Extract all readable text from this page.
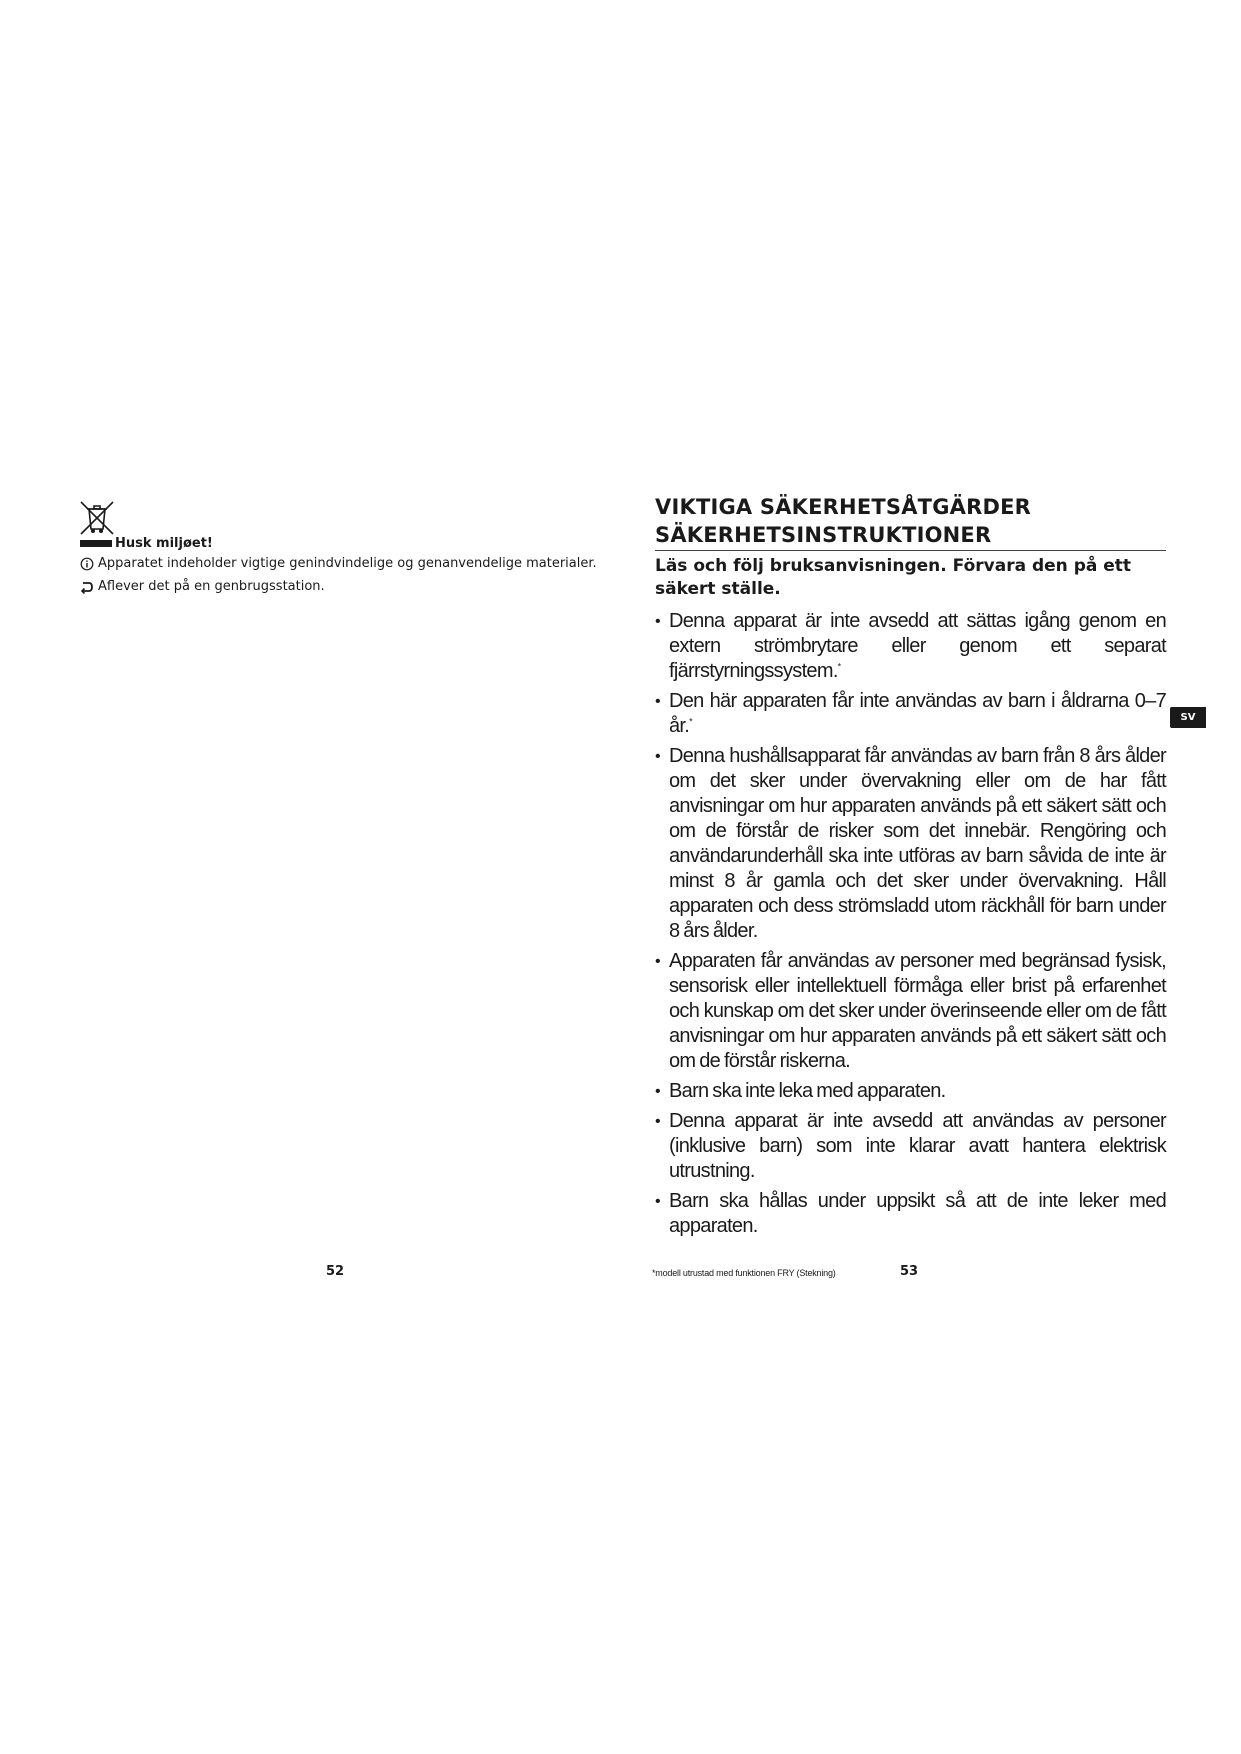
Husk miljøet!
Apparatet indeholder vigtige genindvindelige og genanvendelige materialer.
Aflever det på en genbrugsstation.
52
VIKTIGA SÄKERHETSÅTGÄRDER
SÄKERHETSINSTRUKTIONER

Läs och följ bruksanvisningen. Förvara den på ett säkert ställe.

• Denna apparat är inte avsedd att sättas igång genom en extern strömbrytare eller genom ett separat fjärrstyrningssystem.*
• Den här apparaten får inte användas av barn i åldrarna 0–7 år.*
• Denna hushållsapparat får användas av barn från 8 års ålder om det sker under övervakning eller om de har fått anvisningar om hur apparaten används på ett säkert sätt och om de förstår de risker som det innebär. Rengöring och användarunderhåll ska inte utföras av barn såvida de inte är minst 8 år gamla och det sker under övervakning. Håll apparaten och dess strömsladd utom räckhåll för barn under 8 års ålder.
• Apparaten får användas av personer med begränsad fysisk, sensorisk eller intellektuell förmåga eller brist på erfarenhet och kunskap om det sker under överinseende eller om de fått anvisningar om hur apparaten används på ett säkert sätt och om de förstår riskerna.
• Barn ska inte leka med apparaten.
• Denna apparat är inte avsedd att användas av personer (inklusive barn) som inte klarar avatt hantera elektrisk utrustning.
• Barn ska hållas under uppsikt så att de inte leker med apparaten.
SV
*modell utrustad med funktionen FRY (Stekning)	53
